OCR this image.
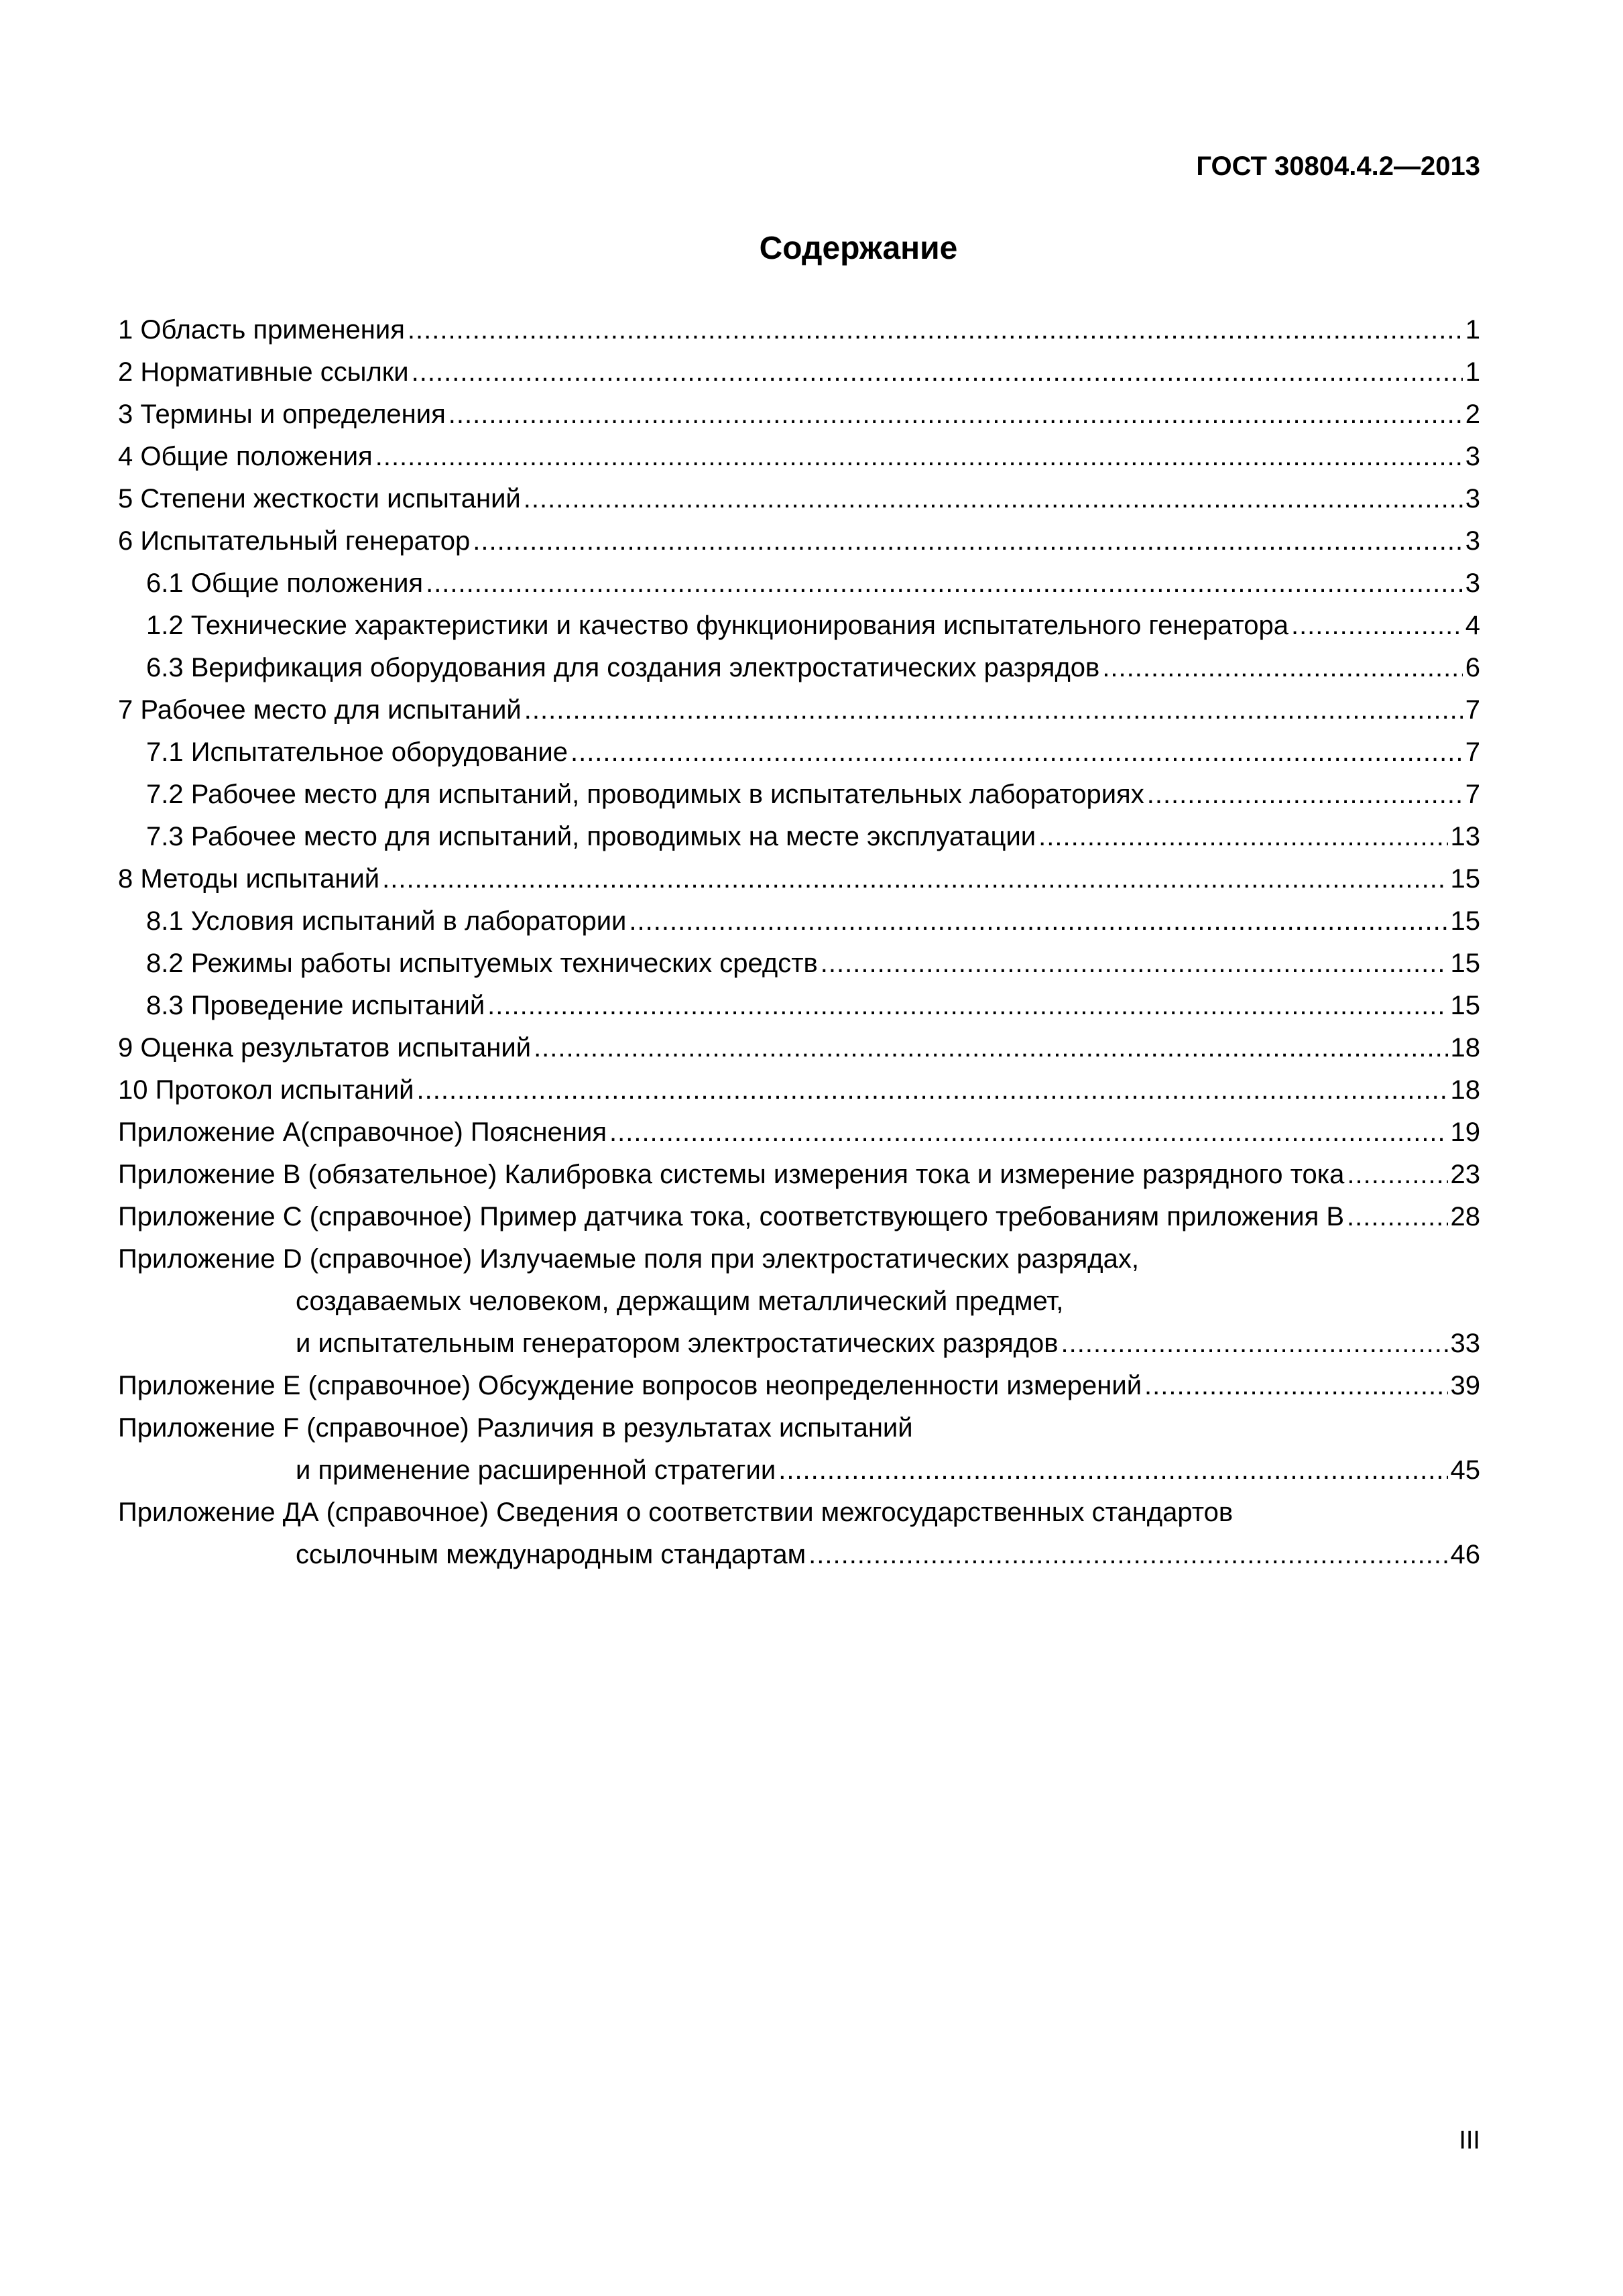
ГОСТ 30804.4.2—2013
Содержание
1 Область применения .....	1
2 Нормативные ссылки .....	1
3 Термины и определения .....	2
4 Общие положения .....	3
5 Степени жесткости испытаний .....	3
6 Испытательный генератор .....	3
6.1 Общие положения .....	3
1.2 Технические характеристики и качество функционирования испытательного генератора .....	4
6.3 Верификация оборудования для создания электростатических разрядов .....	6
7 Рабочее место для испытаний .....	7
7.1 Испытательное оборудование .....	7
7.2 Рабочее место для испытаний, проводимых в испытательных лабораториях .....	7
7.3 Рабочее место для испытаний, проводимых на месте эксплуатации .....	13
8 Методы испытаний .....	15
8.1 Условия испытаний в лаборатории .....	15
8.2 Режимы работы испытуемых технических средств .....	15
8.3 Проведение испытаний .....	15
9 Оценка результатов испытаний .....	18
10 Протокол испытаний .....	18
Приложение А(справочное) Пояснения .....	19
Приложение В (обязательное) Калибровка системы измерения тока и измерение разрядного тока .....	23
Приложение С (справочное) Пример датчика тока, соответствующего требованиям приложения В .....	28
Приложение D (справочное) Излучаемые поля при электростатических разрядах,
создаваемых человеком, держащим металлический предмет,
и испытательным генератором электростатических разрядов .....	33
Приложение Е (справочное) Обсуждение вопросов неопределенности измерений .....	39
Приложение F (справочное) Различия в результатах испытаний
и применение расширенной стратегии .....	45
Приложение ДА (справочное) Сведения о соответствии межгосударственных стандартов
ссылочным международным стандартам .....	46
III
